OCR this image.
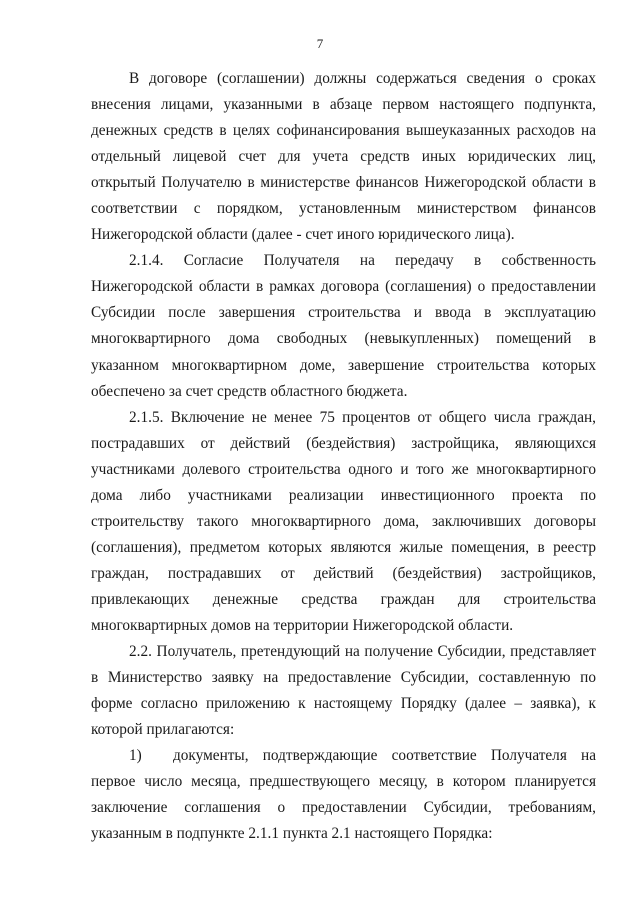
7

В договоре (соглашении) должны содержаться сведения о сроках внесения лицами, указанными в абзаце первом настоящего подпункта, денежных средств в целях софинансирования вышеуказанных расходов на отдельный лицевой счет для учета средств иных юридических лиц, открытый Получателю в министерстве финансов Нижегородской области в соответствии с порядком, установленным министерством финансов Нижегородской области (далее - счет иного юридического лица).

2.1.4. Согласие Получателя на передачу в собственность Нижегородской области в рамках договора (соглашения) о предоставлении Субсидии после завершения строительства и ввода в эксплуатацию многоквартирного дома свободных (невыкупленных) помещений в указанном многоквартирном доме, завершение строительства которых обеспечено за счет средств областного бюджета.

2.1.5. Включение не менее 75 процентов от общего числа граждан, пострадавших от действий (бездействия) застройщика, являющихся участниками долевого строительства одного и того же многоквартирного дома либо участниками реализации инвестиционного проекта по строительству такого многоквартирного дома, заключивших договоры (соглашения), предметом которых являются жилые помещения, в реестр граждан, пострадавших от действий (бездействия) застройщиков, привлекающих денежные средства граждан для строительства многоквартирных домов на территории Нижегородской области.

2.2. Получатель, претендующий на получение Субсидии, представляет в Министерство заявку на предоставление Субсидии, составленную по форме согласно приложению к настоящему Порядку (далее – заявка), к которой прилагаются:

1) документы, подтверждающие соответствие Получателя на первое число месяца, предшествующего месяцу, в котором планируется заключение соглашения о предоставлении Субсидии, требованиям, указанным в подпункте 2.1.1 пункта 2.1 настоящего Порядка:
